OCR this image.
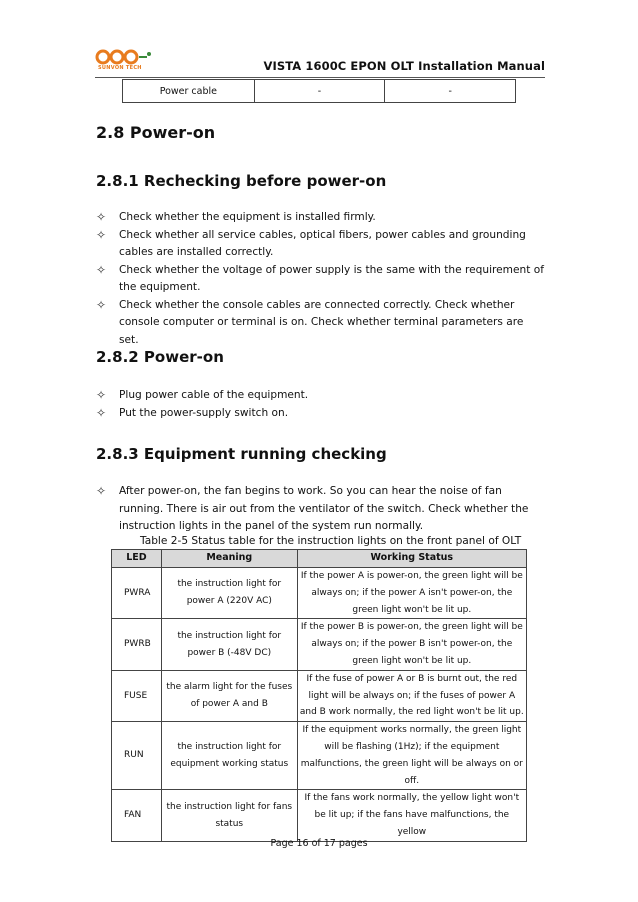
SUNVON TECH	VISTA 1600C EPON OLT Installation Manual
Power cable	-	-
2.8 Power-on
2.8.1 Rechecking before power-on
✧ Check whether the equipment is installed firmly.
✧ Check whether all service cables, optical fibers, power cables and grounding cables are installed correctly.
✧ Check whether the voltage of power supply is the same with the requirement of the equipment.
✧ Check whether the console cables are connected correctly. Check whether console computer or terminal is on. Check whether terminal parameters are set.
2.8.2 Power-on
✧ Plug power cable of the equipment.
✧ Put the power-supply switch on.
2.8.3 Equipment running checking
✧ After power-on, the fan begins to work. So you can hear the noise of fan running. There is air out from the ventilator of the switch. Check whether the instruction lights in the panel of the system run normally.
Table 2-5 Status table for the instruction lights on the front panel of OLT
LED	Meaning	Working Status
PWRA	the instruction light for power A (220V AC)	If the power A is power-on, the green light will be always on; if the power A isn't power-on, the green light won't be lit up.
PWRB	the instruction light for power B (-48V DC)	If the power B is power-on, the green light will be always on; if the power B isn't power-on, the green light won't be lit up.
FUSE	the alarm light for the fuses of power A and B	If the fuse of power A or B is burnt out, the red light will be always on; if the fuses of power A and B work normally, the red light won't be lit up.
RUN	the instruction light for equipment working status	If the equipment works normally, the green light will be flashing (1Hz); if the equipment malfunctions, the green light will be always on or off.
FAN	the instruction light for fans status	If the fans work normally, the yellow light won't be lit up; if the fans have malfunctions, the yellow
Page 16 of 17 pages
